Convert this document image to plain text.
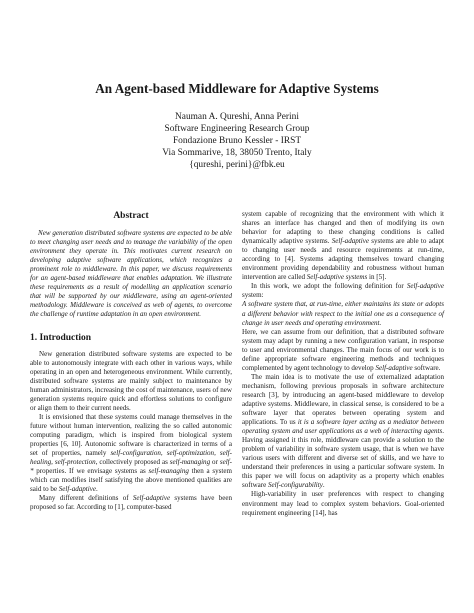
An Agent-based Middleware for Adaptive Systems
Nauman A. Qureshi, Anna Perini
Software Engineering Research Group
Fondazione Bruno Kessler - IRST
Via Sommarive, 18, 38050 Trento, Italy
{qureshi, perini}@fbk.eu
Abstract

New generation distributed software systems are expected to be able to meet changing user needs and to manage the variability of the open environment they operate in. This motivates current research on developing adaptive software applications, which recognizes a prominent role to middleware. In this paper, we discuss requirements for an agent-based middleware that enables adaptation. We illustrate these requirements as a result of modelling an application scenario that will be supported by our middleware, using an agent-oriented methodology. Middleware is conceived as web of agents, to overcome the challenge of runtime adaptation in an open environment.

1. Introduction

New generation distributed software systems are expected to be able to autonomously integrate with each other in various ways, while operating in an open and heterogeneous environment. While currently, distributed software systems are mainly subject to maintenance by human administrators, increasing the cost of maintenance, users of new generation systems require quick and effortless solutions to configure or align them to their current needs.

It is envisioned that these systems could manage themselves in the future without human intervention, realizing the so called autonomic computing paradigm, which is inspired from biological system properties [6, 10]. Autonomic software is characterized in terms of a set of properties, namely self-configuration, self-optimization, self-healing, self-protection, collectively proposed as self-managing or self-* properties. If we envisage systems as self-managing then a system which can modifies itself satisfying the above mentioned qualities are said to be Self-adaptive.

Many different definitions of Self-adaptive systems have been proposed so far. According to [1], computer-based

system capable of recognizing that the environment with which it shares an interface has changed and then of modifying its own behavior for adapting to these changing conditions is called dynamically adaptive systems. Self-adaptive systems are able to adapt to changing user needs and resource requirements at run-time, according to [4]. Systems adapting themselves toward changing environment providing dependability and robustness without human intervention are called Self-adaptive systems in [5].

In this work, we adopt the following definition for Self-adaptive system:

A software system that, at run-time, either maintains its state or adopts a different behavior with respect to the initial one as a consequence of change in user needs and operating environment.

Here, we can assume from our definition, that a distributed software system may adapt by running a new configuration variant, in response to user and environmental changes. The main focus of our work is to define appropriate software engineering methods and techniques complemented by agent technology to develop Self-adaptive software.

The main idea is to motivate the use of externalized adaptation mechanism, following previous proposals in software architecture research [3], by introducing an agent-based middleware to develop adaptive systems. Middleware, in classical sense, is considered to be a software layer that operates between operating system and applications. To us it is a software layer acting as a mediator between operating system and user applications as a web of interacting agents. Having assigned it this role, middleware can provide a solution to the problem of variability in software system usage, that is when we have various users with different and diverse set of skills, and we have to understand their preferences in using a particular software system. In this paper we will focus on adaptivity as a property which enables software Self-configurability.

High-variability in user preferences with respect to changing environment may lead to complex system behaviors. Goal-oriented requirement engineering [14], has
